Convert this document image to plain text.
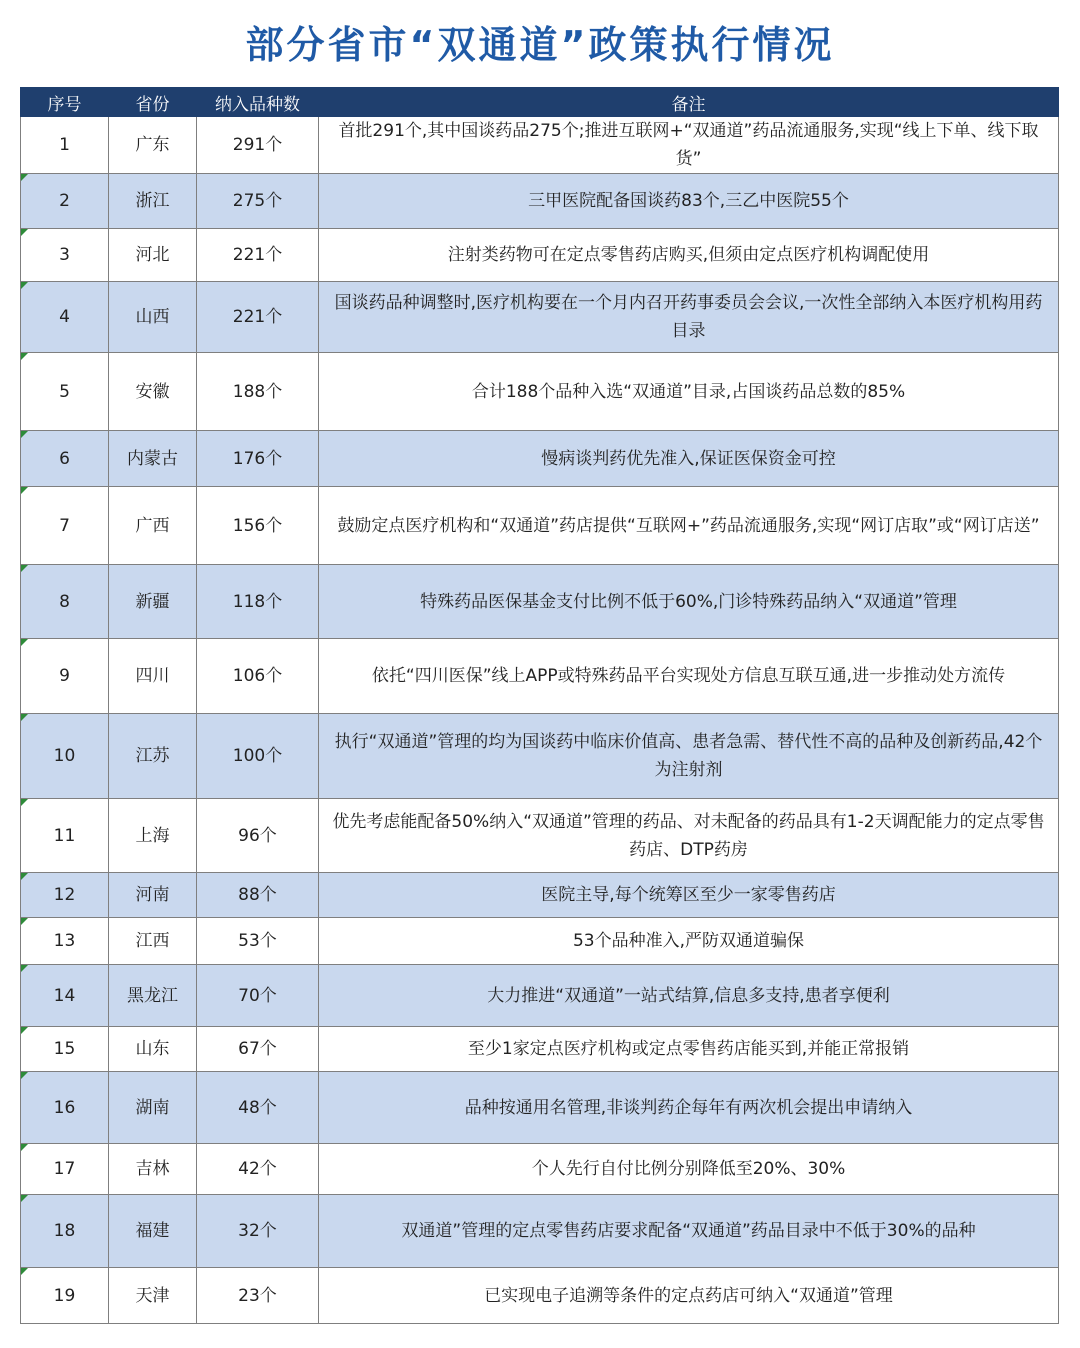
部分省市“双通道”政策执行情况
序号	省份	纳入品种数	备注
1	广东	291个	首批291个,其中国谈药品275个;推进互联网+“双通道”药品流通服务,实现“线上下单、线下取货”
2	浙江	275个	三甲医院配备国谈药83个,三乙中医院55个
3	河北	221个	注射类药物可在定点零售药店购买,但须由定点医疗机构调配使用
4	山西	221个	国谈药品种调整时,医疗机构要在一个月内召开药事委员会会议,一次性全部纳入本医疗机构用药目录
5	安徽	188个	合计188个品种入选“双通道”目录,占国谈药品总数的85%
6	内蒙古	176个	慢病谈判药优先准入,保证医保资金可控
7	广西	156个	鼓励定点医疗机构和“双通道”药店提供“互联网+”药品流通服务,实现“网订店取”或“网订店送”
8	新疆	118个	特殊药品医保基金支付比例不低于60%,门诊特殊药品纳入“双通道”管理
9	四川	106个	依托“四川医保”线上APP或特殊药品平台实现处方信息互联互通,进一步推动处方流传
10	江苏	100个	执行“双通道”管理的均为国谈药中临床价值高、患者急需、替代性不高的品种及创新药品,42个为注射剂
11	上海	96个	优先考虑能配备50%纳入“双通道”管理的药品、对未配备的药品具有1-2天调配能力的定点零售药店、DTP药房
12	河南	88个	医院主导,每个统筹区至少一家零售药店
13	江西	53个	53个品种准入,严防双通道骗保
14	黑龙江	70个	大力推进“双通道”一站式结算,信息多支持,患者享便利
15	山东	67个	至少1家定点医疗机构或定点零售药店能买到,并能正常报销
16	湖南	48个	品种按通用名管理,非谈判药企每年有两次机会提出申请纳入
17	吉林	42个	个人先行自付比例分别降低至20%、30%
18	福建	32个	双通道”管理的定点零售药店要求配备“双通道”药品目录中不低于30%的品种
19	天津	23个	已实现电子追溯等条件的定点药店可纳入“双通道”管理
